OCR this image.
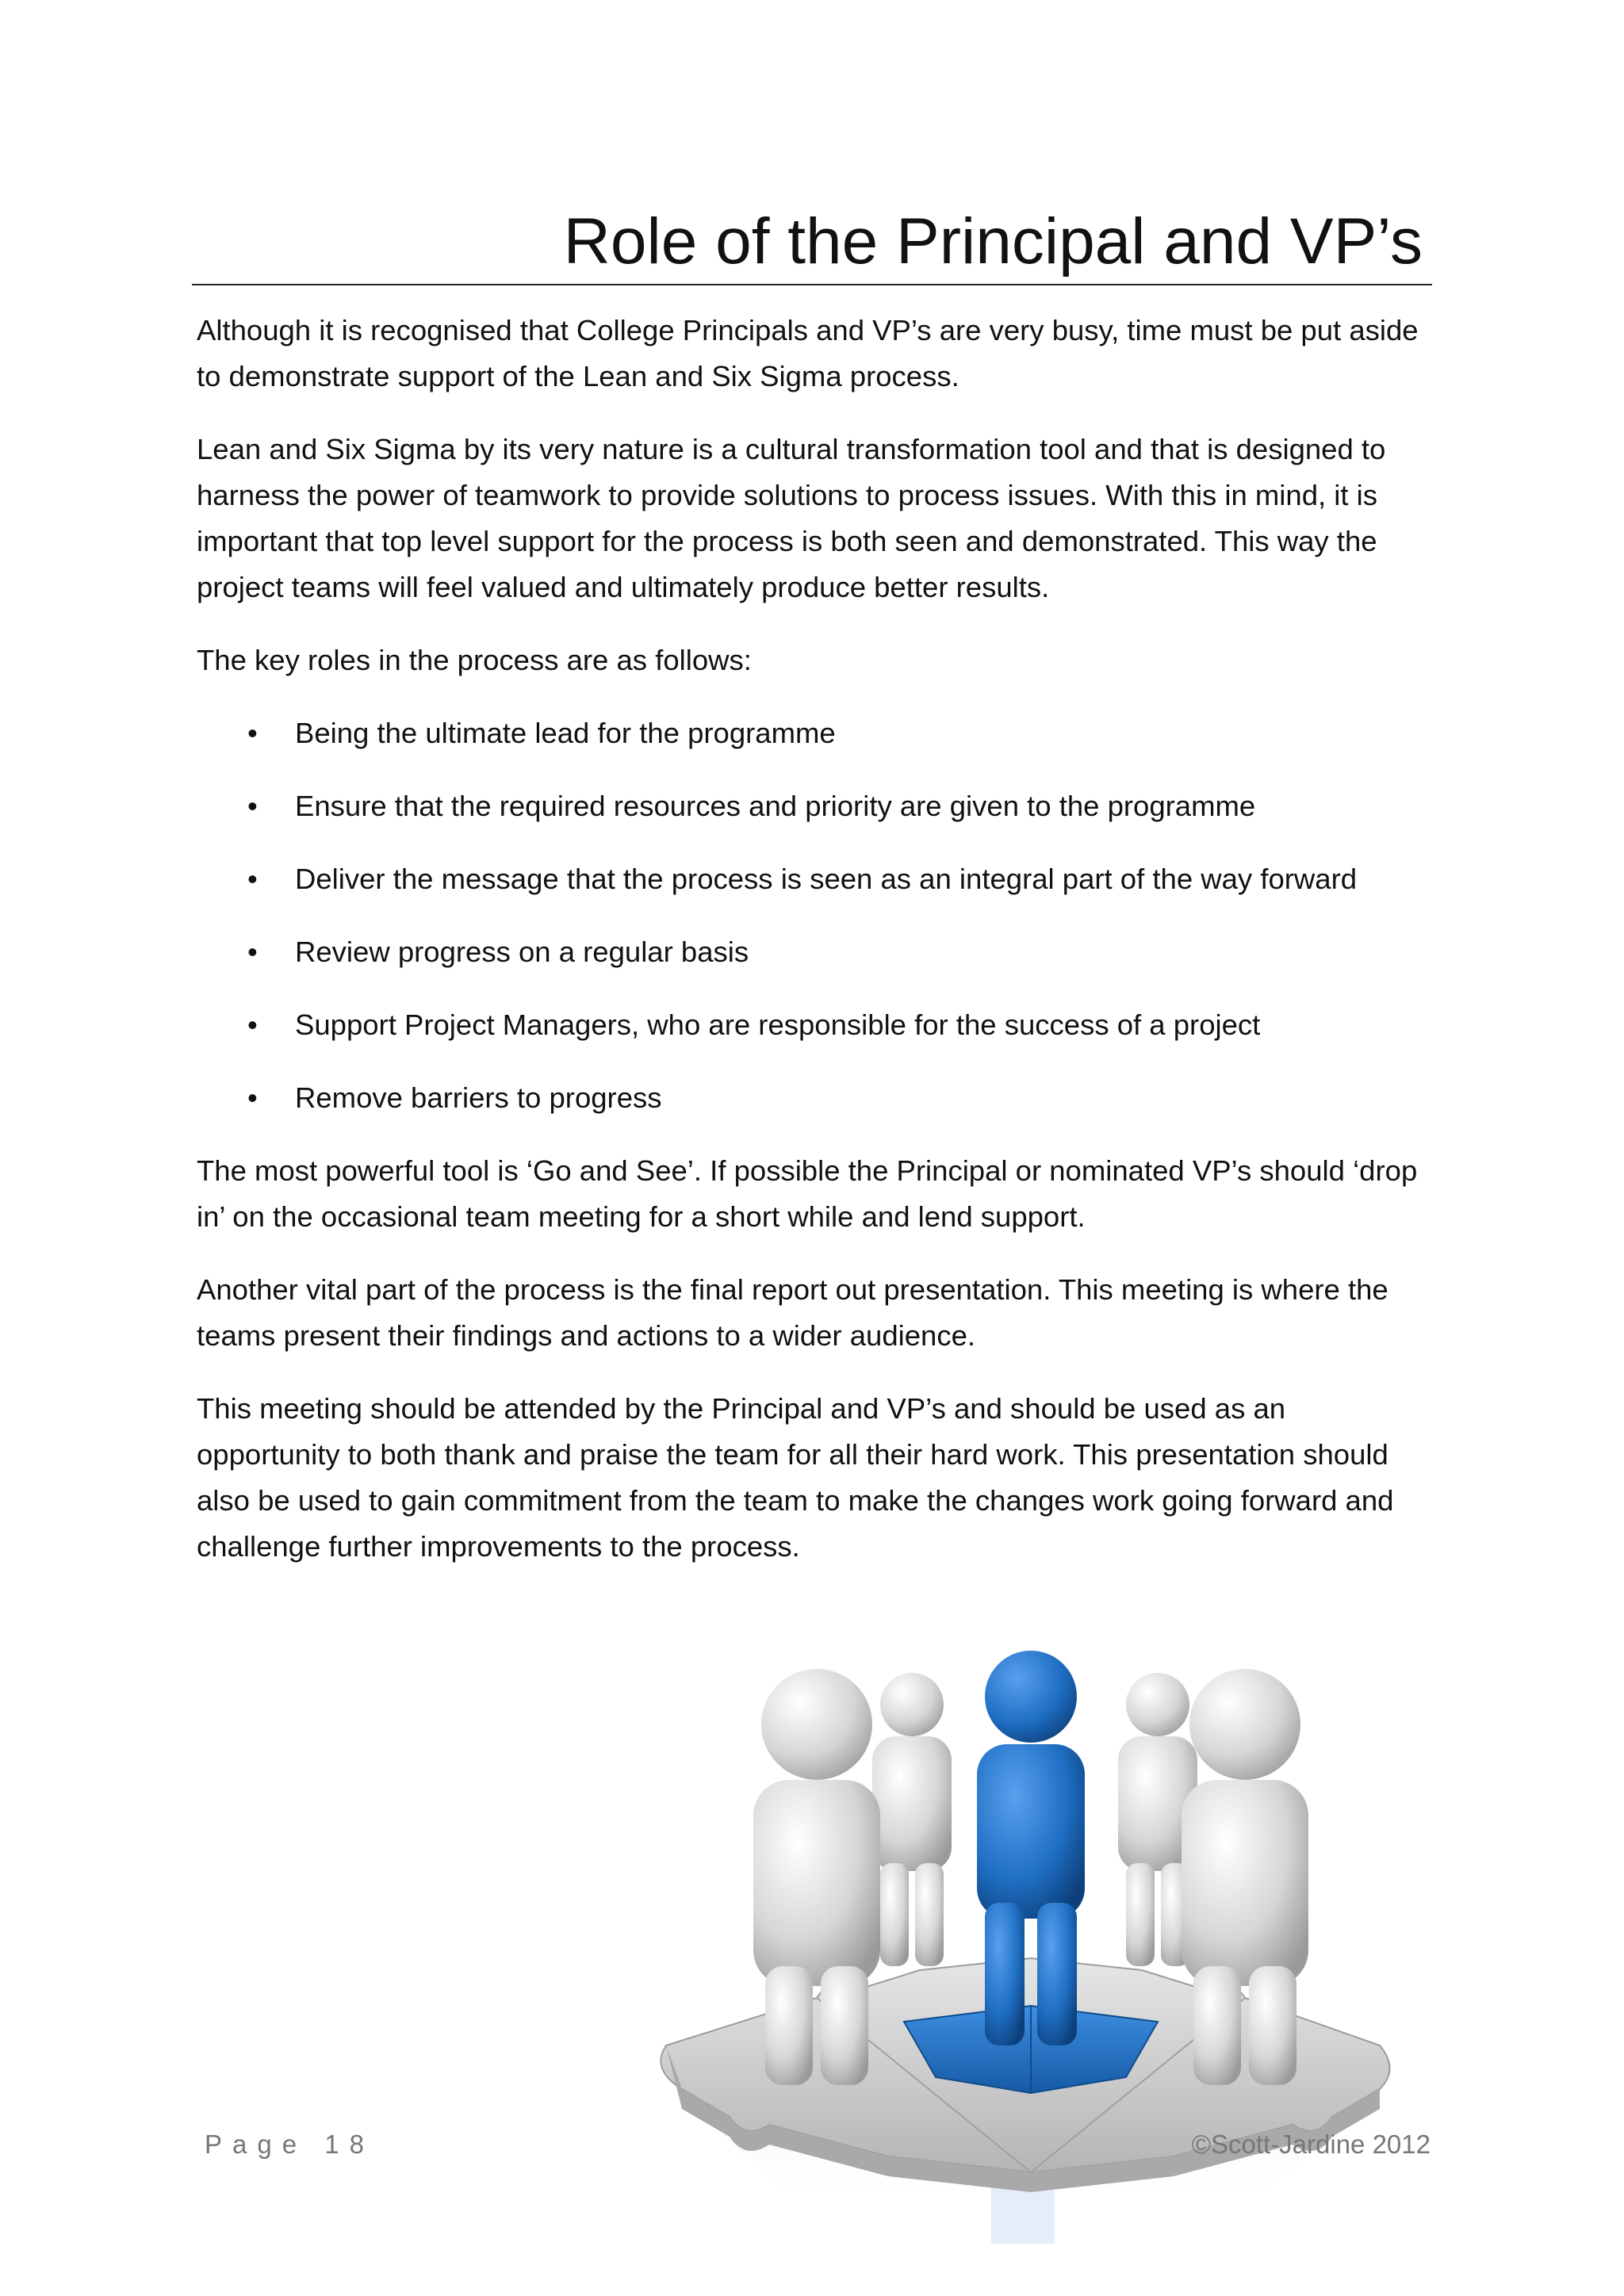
Role of the Principal and VP’s

Although it is recognised that College Principals and VP’s are very busy, time must be put aside to demonstrate support of the Lean and Six Sigma process.

Lean and Six Sigma by its very nature is a cultural transformation tool and that is designed to harness the power of teamwork to provide solutions to process issues. With this in mind, it is important that top level support for the process is both seen and demonstrated. This way the project teams will feel valued and ultimately produce better results.

The key roles in the process are as follows:

• Being the ultimate lead for the programme
• Ensure that the required resources and priority are given to the programme
• Deliver the message that the process is seen as an integral part of the way forward
• Review progress on a regular basis
• Support Project Managers, who are responsible for the success of a project
• Remove barriers to progress

The most powerful tool is ‘Go and See’. If possible the Principal or nominated VP’s should ‘drop in’ on the occasional team meeting for a short while and lend support.

Another vital part of the process is the final report out presentation. This meeting is where the teams present their findings and actions to a wider audience.

This meeting should be attended by the Principal and VP’s and should be used as an opportunity to both thank and praise the team for all their hard work. This presentation should also be used to gain commitment from the team to make the changes work going forward and challenge further improvements to the process.

Page 18	©Scott-Jardine 2012
